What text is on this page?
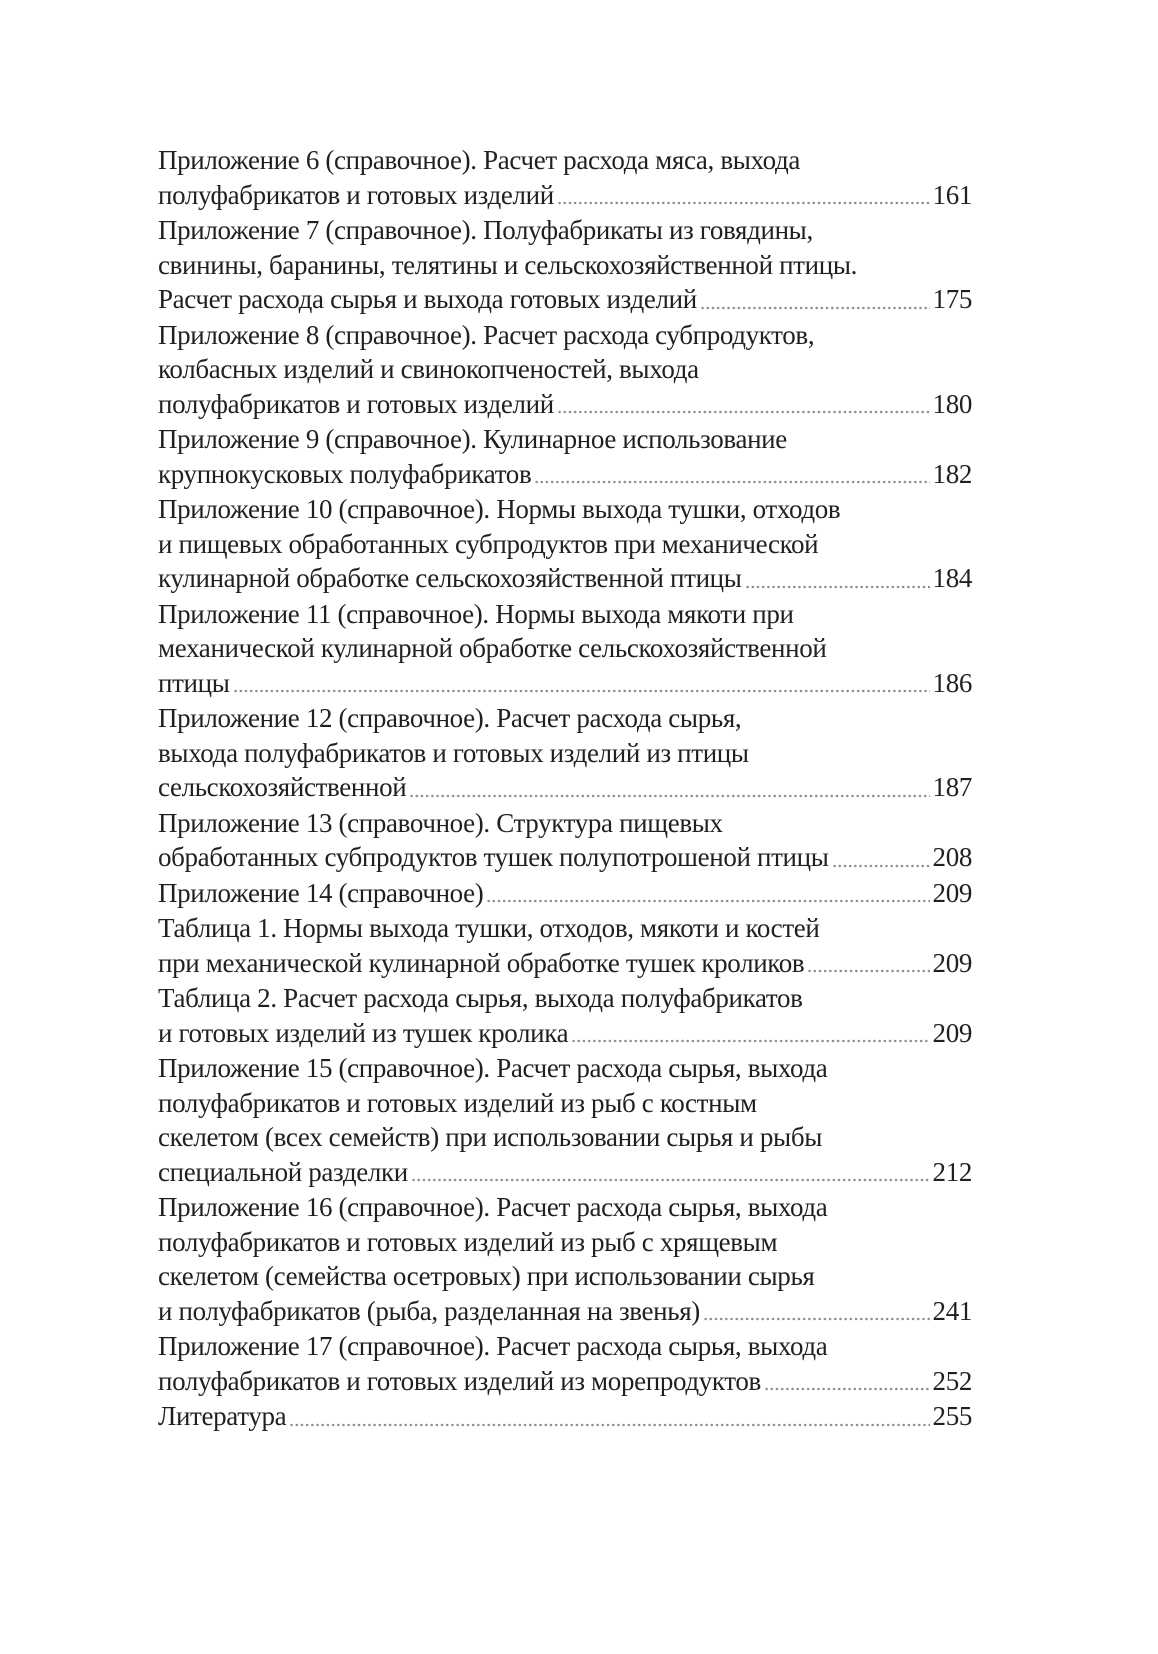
Приложение 6 (справочное). Расчет расхода мяса, выхода
полуфабрикатов и готовых изделий	161
Приложение 7 (справочное). Полуфабрикаты из говядины,
свинины, баранины, телятины и сельскохозяйственной птицы.
Расчет расхода сырья и выхода готовых изделий	175
Приложение 8 (справочное). Расчет расхода субпродуктов,
колбасных изделий и свинокопченостей, выхода
полуфабрикатов и готовых изделий	180
Приложение 9 (справочное). Кулинарное использование
крупнокусковых полуфабрикатов	182
Приложение 10 (справочное). Нормы выхода тушки, отходов
и пищевых обработанных субпродуктов при механической
кулинарной обработке сельскохозяйственной птицы	184
Приложение 11 (справочное). Нормы выхода мякоти при
механической кулинарной обработке сельскохозяйственной
птицы	186
Приложение 12 (справочное). Расчет расхода сырья,
выхода полуфабрикатов и готовых изделий из птицы
сельскохозяйственной	187
Приложение 13 (справочное). Структура пищевых
обработанных субпродуктов тушек полупотрошеной птицы	208
Приложение 14 (справочное)	209
Таблица 1. Нормы выхода тушки, отходов, мякоти и костей
при механической кулинарной обработке тушек кроликов	209
Таблица 2. Расчет расхода сырья, выхода полуфабрикатов
и готовых изделий из тушек кролика	209
Приложение 15 (справочное). Расчет расхода сырья, выхода
полуфабрикатов и готовых изделий из рыб с костным
скелетом (всех семейств) при использовании сырья и рыбы
специальной разделки	212
Приложение 16 (справочное). Расчет расхода сырья, выхода
полуфабрикатов и готовых изделий из рыб с хрящевым
скелетом (семейства осетровых) при использовании сырья
и полуфабрикатов (рыба, разделанная на звенья)	241
Приложение 17 (справочное). Расчет расхода сырья, выхода
полуфабрикатов и готовых изделий из морепродуктов	252
Литература	255
